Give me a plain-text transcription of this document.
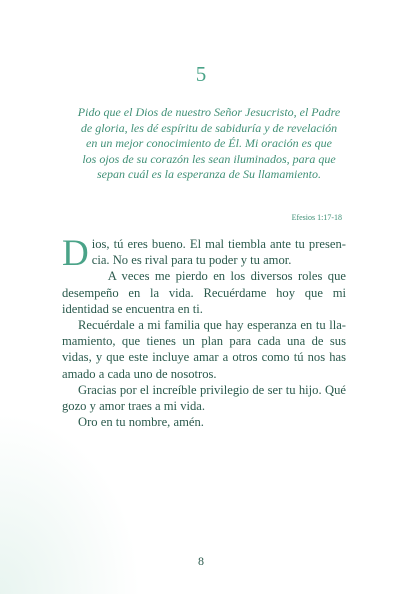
5
Pido que el Dios de nuestro Señor Jesucristo, el Padre
de gloria, les dé espíritu de sabiduría y de revelación
en un mejor conocimiento de Él. Mi oración es que
los ojos de su corazón les sean iluminados, para que
sepan cuál es la esperanza de Su llamamiento.
Efesios 1:17-18

Dios, tú eres bueno. El mal tiembla ante tu presencia. No es rival para tu poder y tu amor.

A veces me pierdo en los diversos roles que desempeño en la vida. Recuérdame hoy que mi identidad se encuentra en ti.

Recuérdale a mi familia que hay esperanza en tu llamamiento, que tienes un plan para cada una de sus vidas, y que este incluye amar a otros como tú nos has amado a cada uno de nosotros.

Gracias por el increíble privilegio de ser tu hijo. Qué gozo y amor traes a mi vida.

Oro en tu nombre, amén.

8
